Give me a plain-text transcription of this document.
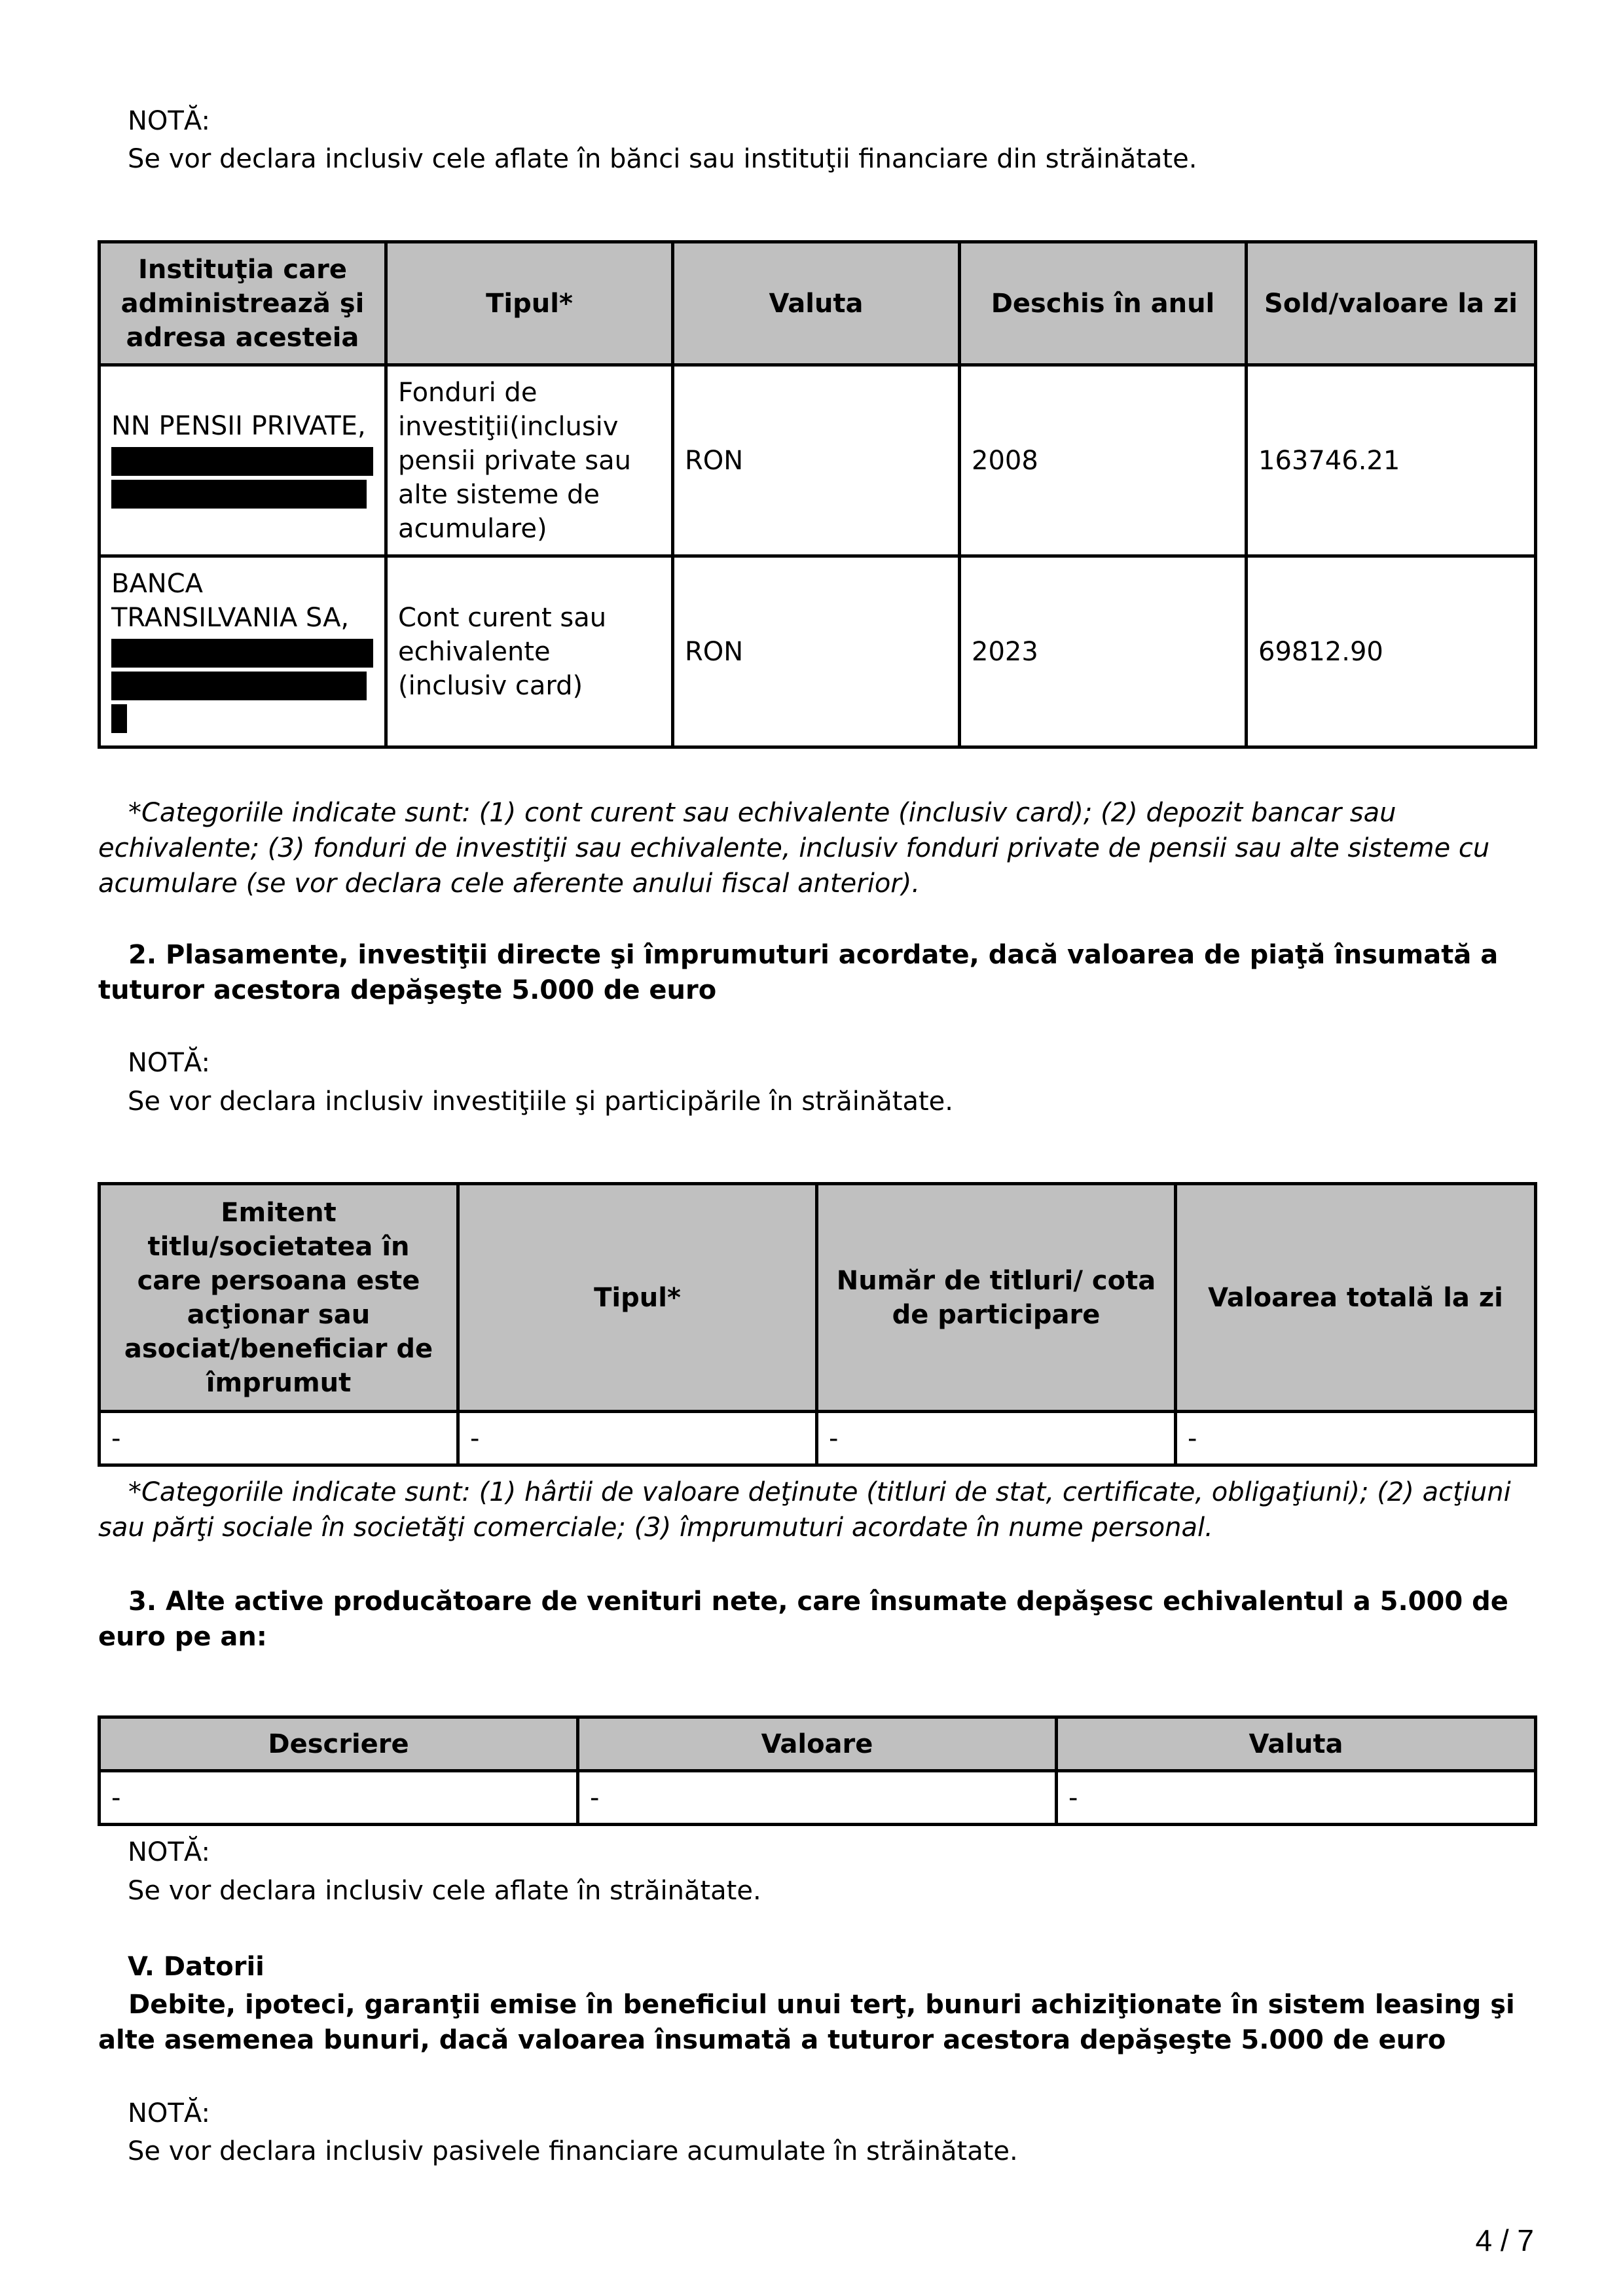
NOTĂ:
Se vor declara inclusiv cele aflate în bănci sau instituţii financiare din străinătate.
Instituţia care administrează şi adresa acesteia	Tipul*	Valuta	Deschis în anul	Sold/valoare la zi
NN PENSII PRIVATE,	Fonduri de investiţii(inclusiv pensii private sau alte sisteme de acumulare)	RON	2008	163746.21
BANCA TRANSILVANIA SA,	Cont curent sau echivalente (inclusiv card)	RON	2023	69812.90
*Categoriile indicate sunt: (1) cont curent sau echivalente (inclusiv card); (2) depozit bancar sau echivalente; (3) fonduri de investiţii sau echivalente, inclusiv fonduri private de pensii sau alte sisteme cu acumulare (se vor declara cele aferente anului fiscal anterior).
2. Plasamente, investiţii directe şi împrumuturi acordate, dacă valoarea de piaţă însumată a tuturor acestora depăşeşte 5.000 de euro
NOTĂ:
Se vor declara inclusiv investiţiile şi participările în străinătate.
Emitent titlu/societatea în care persoana este acţionar sau asociat/beneficiar de împrumut	Tipul*	Număr de titluri/ cota de participare	Valoarea totală la zi
-	-	-	-
*Categoriile indicate sunt: (1) hârtii de valoare deţinute (titluri de stat, certificate, obligaţiuni); (2) acţiuni sau părţi sociale în societăţi comerciale; (3) împrumuturi acordate în nume personal.
3. Alte active producătoare de venituri nete, care însumate depăşesc echivalentul a 5.000 de euro pe an:
Descriere	Valoare	Valuta
-	-	-
NOTĂ:
Se vor declara inclusiv cele aflate în străinătate.
V. Datorii
Debite, ipoteci, garanţii emise în beneficiul unui terţ, bunuri achiziţionate în sistem leasing şi alte asemenea bunuri, dacă valoarea însumată a tuturor acestora depăşeşte 5.000 de euro
NOTĂ:
Se vor declara inclusiv pasivele financiare acumulate în străinătate.
4 / 7
